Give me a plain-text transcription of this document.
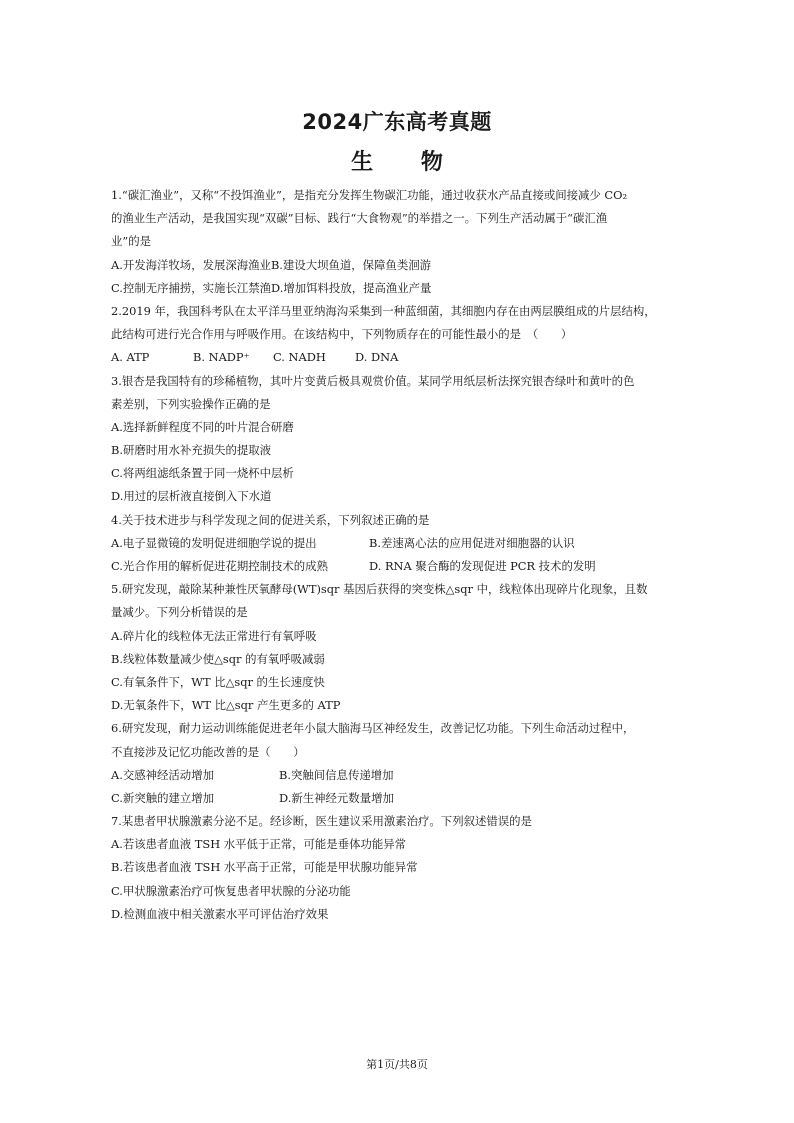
2024广东高考真题
生 物
1.“碳汇渔业”，又称“不投饵渔业”，是指充分发挥生物碳汇功能，通过收获水产品直接或间接减少 CO₂
的渔业生产活动，是我国实现“双碳”目标、践行“大食物观”的举措之一。下列生产活动属于“碳汇渔
业”的是
A.开发海洋牧场，发展深海渔业 B.建设大坝鱼道，保障鱼类洄游
C.控制无序捕捞，实施长江禁渔 D.增加饵料投放，提高渔业产量
2.2019 年，我国科考队在太平洋马里亚纳海沟采集到一种蓝细菌，其细胞内存在由两层膜组成的片层结构，
此结构可进行光合作用与呼吸作用。在该结构中，下列物质存在的可能性最小的是　（　　）
A. ATP	B. NADP⁺	C. NADH	D. DNA
3.银杏是我国特有的珍稀植物，其叶片变黄后极具观赏价值。某同学用纸层析法探究银杏绿叶和黄叶的色
素差别，下列实验操作正确的是
A.选择新鲜程度不同的叶片混合研磨
B.研磨时用水补充损失的提取液
C.将两组滤纸条置于同一烧杯中层析
D.用过的层析液直接倒入下水道
4.关于技术进步与科学发现之间的促进关系，下列叙述正确的是
A.电子显微镜的发明促进细胞学说的提出	B.差速离心法的应用促进对细胞器的认识
C.光合作用的解析促进花期控制技术的成熟	D. RNA 聚合酶的发现促进 PCR 技术的发明
5.研究发现，敲除某种兼性厌氧酵母(WT)sqr 基因后获得的突变株△sqr 中，线粒体出现碎片化现象，且数
量减少。下列分析错误的是
A.碎片化的线粒体无法正常进行有氧呼吸
B.线粒体数量减少使△sqr 的有氧呼吸减弱
C.有氧条件下，WT 比△sqr 的生长速度快
D.无氧条件下，WT 比△sqr 产生更多的 ATP
6.研究发现，耐力运动训练能促进老年小鼠大脑海马区神经发生，改善记忆功能。下列生命活动过程中，
不直接涉及记忆功能改善的是（　　）
A.交感神经活动增加	B.突触间信息传递增加
C.新突触的建立增加	D.新生神经元数量增加
7.某患者甲状腺激素分泌不足。经诊断，医生建议采用激素治疗。下列叙述错误的是
A.若该患者血液 TSH 水平低于正常，可能是垂体功能异常
B.若该患者血液 TSH 水平高于正常，可能是甲状腺功能异常
C.甲状腺激素治疗可恢复患者甲状腺的分泌功能
D.检测血液中相关激素水平可评估治疗效果
第1页/共8页
